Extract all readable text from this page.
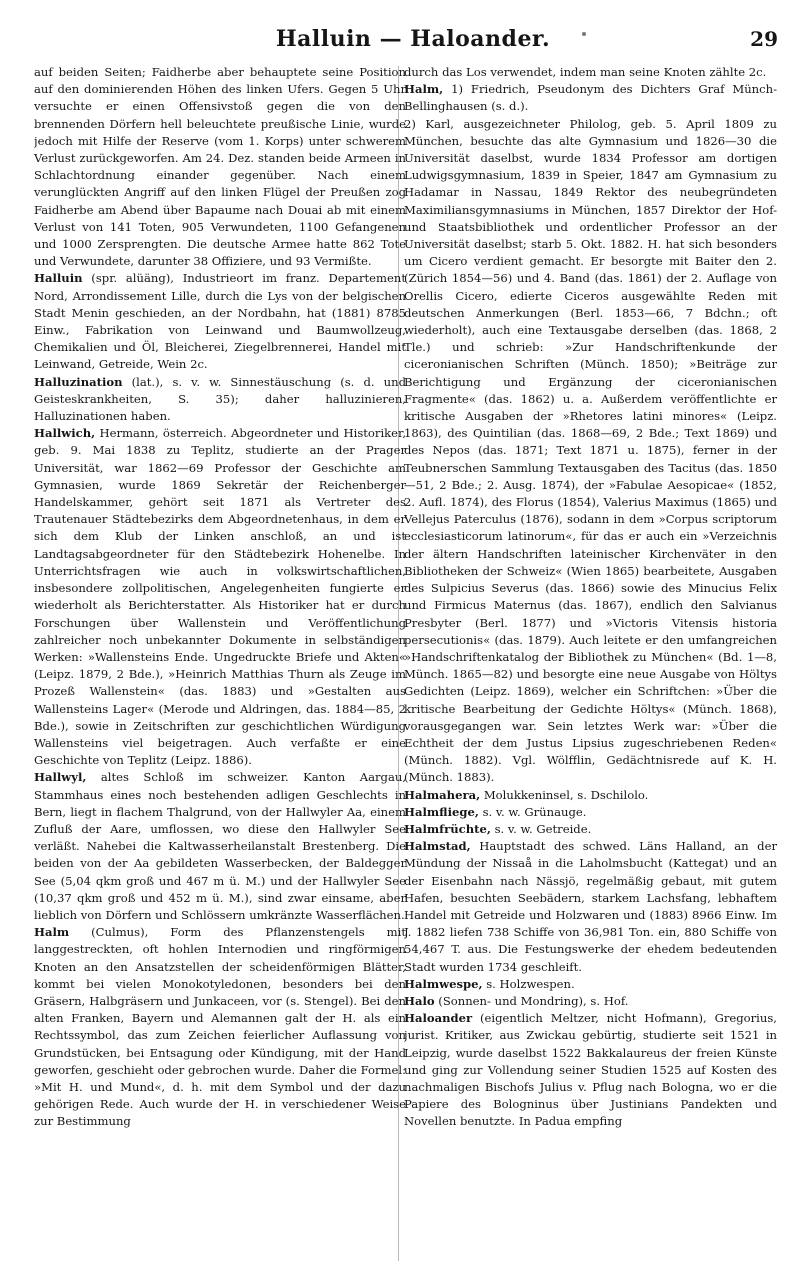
Halluin — Haloander.	29

auf beiden Seiten; Faidherbe aber behauptete seine Position auf den dominierenden Höhen des linken Ufers. Gegen 5 Uhr versuchte er einen Offensivstoß gegen die von den brennenden Dörfern hell beleuchtete preußische Linie, wurde jedoch mit Hilfe der Reserve (vom 1. Korps) unter schwerem Verlust zurückgeworfen. Am 24. Dez. standen beide Armeen in Schlachtordnung einander gegenüber. Nach einem verunglückten Angriff auf den linken Flügel der Preußen zog Faidherbe am Abend über Bapaume nach Douai ab mit einem Verlust von 141 Toten, 905 Verwundeten, 1100 Gefangenen und 1000 Zersprengten. Die deutsche Armee hatte 862 Tote und Verwundete, darunter 38 Offiziere, und 93 Vermißte.

Halluin (spr. alüäng), Industrieort im franz. Departement Nord, Arrondissement Lille, durch die Lys von der belgischen Stadt Menin geschieden, an der Nordbahn, hat (1881) 8785 Einw., Fabrikation von Leinwand und Baumwollzeug, Chemikalien und Öl, Bleicherei, Ziegelbrennerei, Handel mit Leinwand, Getreide, Wein 2c.

Halluzination (lat.), s. v. w. Sinnestäuschung (s. d. und Geisteskrankheiten, S. 35); daher halluzinieren, Halluzinationen haben.

Hallwich, Hermann, österreich. Abgeordneter und Historiker, geb. 9. Mai 1838 zu Teplitz, studierte an der Prager Universität, war 1862—69 Professor der Geschichte am Gymnasien, wurde 1869 Sekretär der Reichenberger Handelskammer, gehört seit 1871 als Vertreter des Trautenauer Städtebezirks dem Abgeordnetenhaus, in dem er sich dem Klub der Linken anschloß, an und ist Landtagsabgeordneter für den Städtebezirk Hohenelbe. In Unterrichtsfragen wie auch in volkswirtschaftlichen, insbesondere zollpolitischen, Angelegenheiten fungierte er wiederholt als Berichterstatter. Als Historiker hat er durch Forschungen über Wallenstein und Veröffentlichung zahlreicher noch unbekannter Dokumente in selbständigen Werken: »Wallensteins Ende. Ungedruckte Briefe und Akten« (Leipz. 1879, 2 Bde.), »Heinrich Matthias Thurn als Zeuge im Prozeß Wallenstein« (das. 1883) und »Gestalten aus Wallensteins Lager« (Merode und Aldringen, das. 1884—85, 2 Bde.), sowie in Zeitschriften zur geschichtlichen Würdigung Wallensteins viel beigetragen. Auch verfaßte er eine Geschichte von Teplitz (Leipz. 1886).

Hallwyl, altes Schloß im schweizer. Kanton Aargau, Stammhaus eines noch bestehenden adligen Geschlechts in Bern, liegt in flachem Thalgrund, von der Hallwyler Aa, einem Zufluß der Aare, umflossen, wo diese den Hallwyler See verläßt. Nahebei die Kaltwasserheilanstalt Brestenberg. Die beiden von der Aa gebildeten Wasserbecken, der Baldegger See (5,04 qkm groß und 467 m ü. M.) und der Hallwyler See (10,37 qkm groß und 452 m ü. M.), sind zwar einsame, aber lieblich von Dörfern und Schlössern umkränzte Wasserflächen.

Halm (Culmus), Form des Pflanzenstengels mit langgestreckten, oft hohlen Internodien und ringförmigen Knoten an den Ansatzstellen der scheidenförmigen Blätter, kommt bei vielen Monokotyledonen, besonders bei den Gräsern, Halbgräsern und Junkaceen, vor (s. Stengel). Bei den alten Franken, Bayern und Alemannen galt der H. als ein Rechtssymbol, das zum Zeichen feierlicher Auflassung von Grundstücken, bei Entsagung oder Kündigung, mit der Hand geworfen, geschieht oder gebrochen wurde. Daher die Formel: »Mit H. und Mund«, d. h. mit dem Symbol und der dazu gehörigen Rede. Auch wurde der H. in verschiedener Weise zur Bestimmung

durch das Los verwendet, indem man seine Knoten zählte 2c.

Halm, 1) Friedrich, Pseudonym des Dichters Graf Münch-Bellinghausen (s. d.).

2) Karl, ausgezeichneter Philolog, geb. 5. April 1809 zu München, besuchte das alte Gymnasium und 1826—30 die Universität daselbst, wurde 1834 Professor am dortigen Ludwigsgymnasium, 1839 in Speier, 1847 am Gymnasium zu Hadamar in Nassau, 1849 Rektor des neubegründeten Maximiliansgymnasiums in München, 1857 Direktor der Hof- und Staatsbibliothek und ordentlicher Professor an der Universität daselbst; starb 5. Okt. 1882. H. hat sich besonders um Cicero verdient gemacht. Er besorgte mit Baiter den 2. (Zürich 1854—56) und 4. Band (das. 1861) der 2. Auflage von Orellis Cicero, edierte Ciceros ausgewählte Reden mit deutschen Anmerkungen (Berl. 1853—66, 7 Bdchn.; oft wiederholt), auch eine Textausgabe derselben (das. 1868, 2 Tle.) und schrieb: »Zur Handschriftenkunde der ciceronianischen Schriften (Münch. 1850); »Beiträge zur Berichtigung und Ergänzung der ciceronianischen Fragmente« (das. 1862) u. a. Außerdem veröffentlichte er kritische Ausgaben der »Rhetores latini minores« (Leipz. 1863), des Quintilian (das. 1868—69, 2 Bde.; Text 1869) und des Nepos (das. 1871; Text 1871 u. 1875), ferner in der Teubnerschen Sammlung Textausgaben des Tacitus (das. 1850—51, 2 Bde.; 2. Ausg. 1874), der »Fabulae Aesopicae« (1852, 2. Aufl. 1874), des Florus (1854), Valerius Maximus (1865) und Vellejus Paterculus (1876), sodann in dem »Corpus scriptorum ecclesiasticorum latinorum«, für das er auch ein »Verzeichnis der ältern Handschriften lateinischer Kirchenväter in den Bibliotheken der Schweiz« (Wien 1865) bearbeitete, Ausgaben des Sulpicius Severus (das. 1866) sowie des Minucius Felix und Firmicus Maternus (das. 1867), endlich den Salvianus Presbyter (Berl. 1877) und »Victoris Vitensis historia persecutionis« (das. 1879). Auch leitete er den umfangreichen »Handschriftenkatalog der Bibliothek zu München« (Bd. 1—8, Münch. 1865—82) und besorgte eine neue Ausgabe von Höltys Gedichten (Leipz. 1869), welcher ein Schriftchen: »Über die kritische Bearbeitung der Gedichte Höltys« (Münch. 1868), vorausgegangen war. Sein letztes Werk war: »Über die Echtheit der dem Justus Lipsius zugeschriebenen Reden« (Münch. 1882). Vgl. Wölfflin, Gedächtnisrede auf K. H. (Münch. 1883).

Halmahera, Molukkeninsel, s. Dschilolo.

Halmfliege, s. v. w. Grünauge.

Halmfrüchte, s. v. w. Getreide.

Halmstad, Hauptstadt des schwed. Läns Halland, an der Mündung der Nissaå in die Laholmsbucht (Kattegat) und an der Eisenbahn nach Nässjö, regelmäßig gebaut, mit gutem Hafen, besuchten Seebädern, starkem Lachsfang, lebhaftem Handel mit Getreide und Holzwaren und (1883) 8966 Einw. Im J. 1882 liefen 738 Schiffe von 36,981 Ton. ein, 880 Schiffe von 54,467 T. aus. Die Festungswerke der ehedem bedeutenden Stadt wurden 1734 geschleift.

Halmwespe, s. Holzwespen.

Halo (Sonnen- und Mondring), s. Hof.

Haloander (eigentlich Meltzer, nicht Hofmann), Gregorius, jurist. Kritiker, aus Zwickau gebürtig, studierte seit 1521 in Leipzig, wurde daselbst 1522 Bakkalaureus der freien Künste und ging zur Vollendung seiner Studien 1525 auf Kosten des nachmaligen Bischofs Julius v. Pflug nach Bologna, wo er die Papiere des Bologninus über Justinians Pandekten und Novellen benutzte. In Padua empfing
